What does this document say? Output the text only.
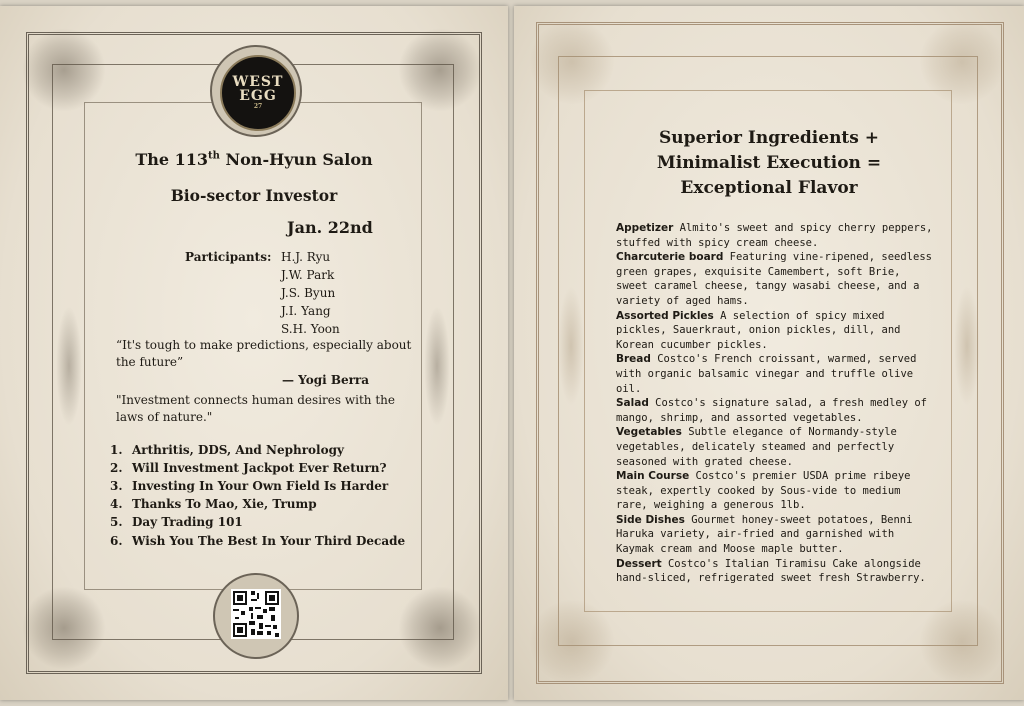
WEST
EGG
27
The 113th Non-Hyun Salon
Bio-sector Investor
Jan. 22nd
Participants: H.J. Ryu
J.W. Park
J.S. Byun
J.I. Yang
S.H. Yoon
“It's tough to make predictions, especially about
the future”
— Yogi Berra
"Investment connects human desires with the
laws of nature."
1. Arthritis, DDS, And Nephrology
2. Will Investment Jackpot Ever Return?
3. Investing In Your Own Field Is Harder
4. Thanks To Mao, Xie, Trump
5. Day Trading 101
6. Wish You The Best In Your Third Decade
Superior Ingredients +
Minimalist Execution =
Exceptional Flavor

Appetizer Almito's sweet and spicy cherry peppers, stuffed with spicy cream cheese.

Charcuterie board Featuring vine-ripened, seedless green grapes, exquisite Camembert, soft Brie, sweet caramel cheese, tangy wasabi cheese, and a variety of aged hams.

Assorted Pickles A selection of spicy mixed pickles, Sauerkraut, onion pickles, dill, and Korean cucumber pickles.

Bread Costco's French croissant, warmed, served with organic balsamic vinegar and truffle olive oil.

Salad Costco's signature salad, a fresh medley of mango, shrimp, and assorted vegetables.

Vegetables Subtle elegance of Normandy-style vegetables, delicately steamed and perfectly seasoned with grated cheese.

Main Course Costco's premier USDA prime ribeye steak, expertly cooked by Sous-vide to medium rare, weighing a generous 1lb.

Side Dishes Gourmet honey-sweet potatoes, Benni Haruka variety, air-fried and garnished with Kaymak cream and Moose maple butter.

Dessert Costco's Italian Tiramisu Cake alongside hand-sliced, refrigerated sweet fresh Strawberry.
